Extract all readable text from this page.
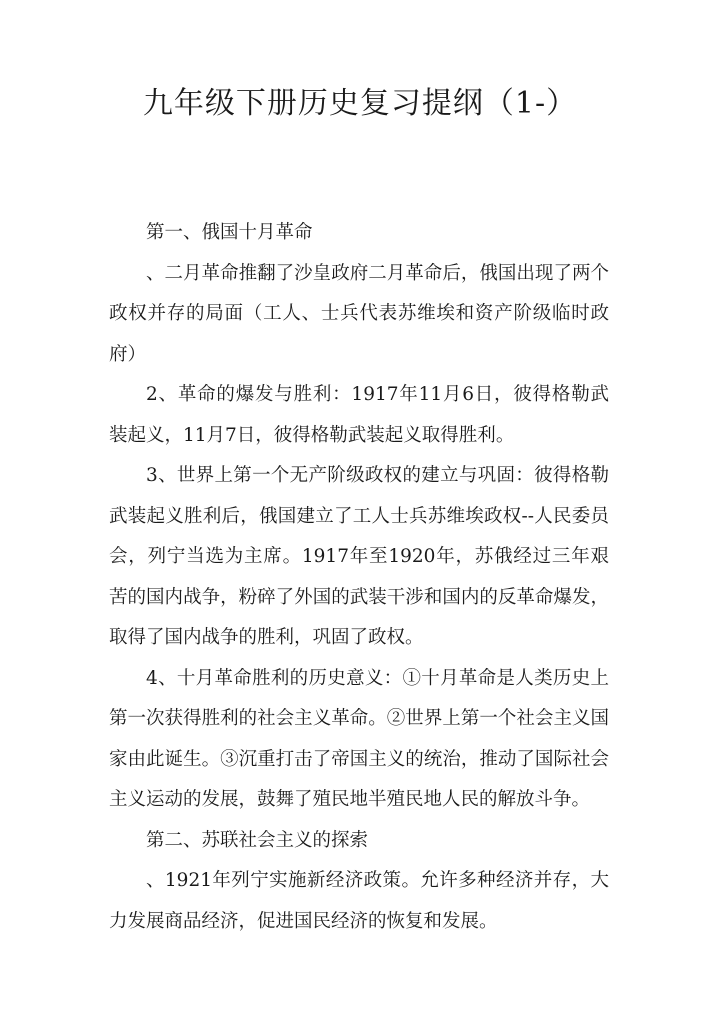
九年级下册历史复习提纲（1-）

第一、俄国十月革命

、二月革命推翻了沙皇政府二月革命后，俄国出现了两个政权并存的局面（工人、士兵代表苏维埃和资产阶级临时政府）

2、革命的爆发与胜利：1917年11月6日，彼得格勒武装起义，11月7日，彼得格勒武装起义取得胜利。

3、世界上第一个无产阶级政权的建立与巩固：彼得格勒武装起义胜利后，俄国建立了工人士兵苏维埃政权--人民委员会，列宁当选为主席。1917年至1920年，苏俄经过三年艰苦的国内战争，粉碎了外国的武装干涉和国内的反革命爆发，取得了国内战争的胜利，巩固了政权。

4、十月革命胜利的历史意义：①十月革命是人类历史上第一次获得胜利的社会主义革命。②世界上第一个社会主义国家由此诞生。③沉重打击了帝国主义的统治，推动了国际社会主义运动的发展，鼓舞了殖民地半殖民地人民的解放斗争。

第二、苏联社会主义的探索

、1921年列宁实施新经济政策。允许多种经济并存，大力发展商品经济，促进国民经济的恢复和发展。
